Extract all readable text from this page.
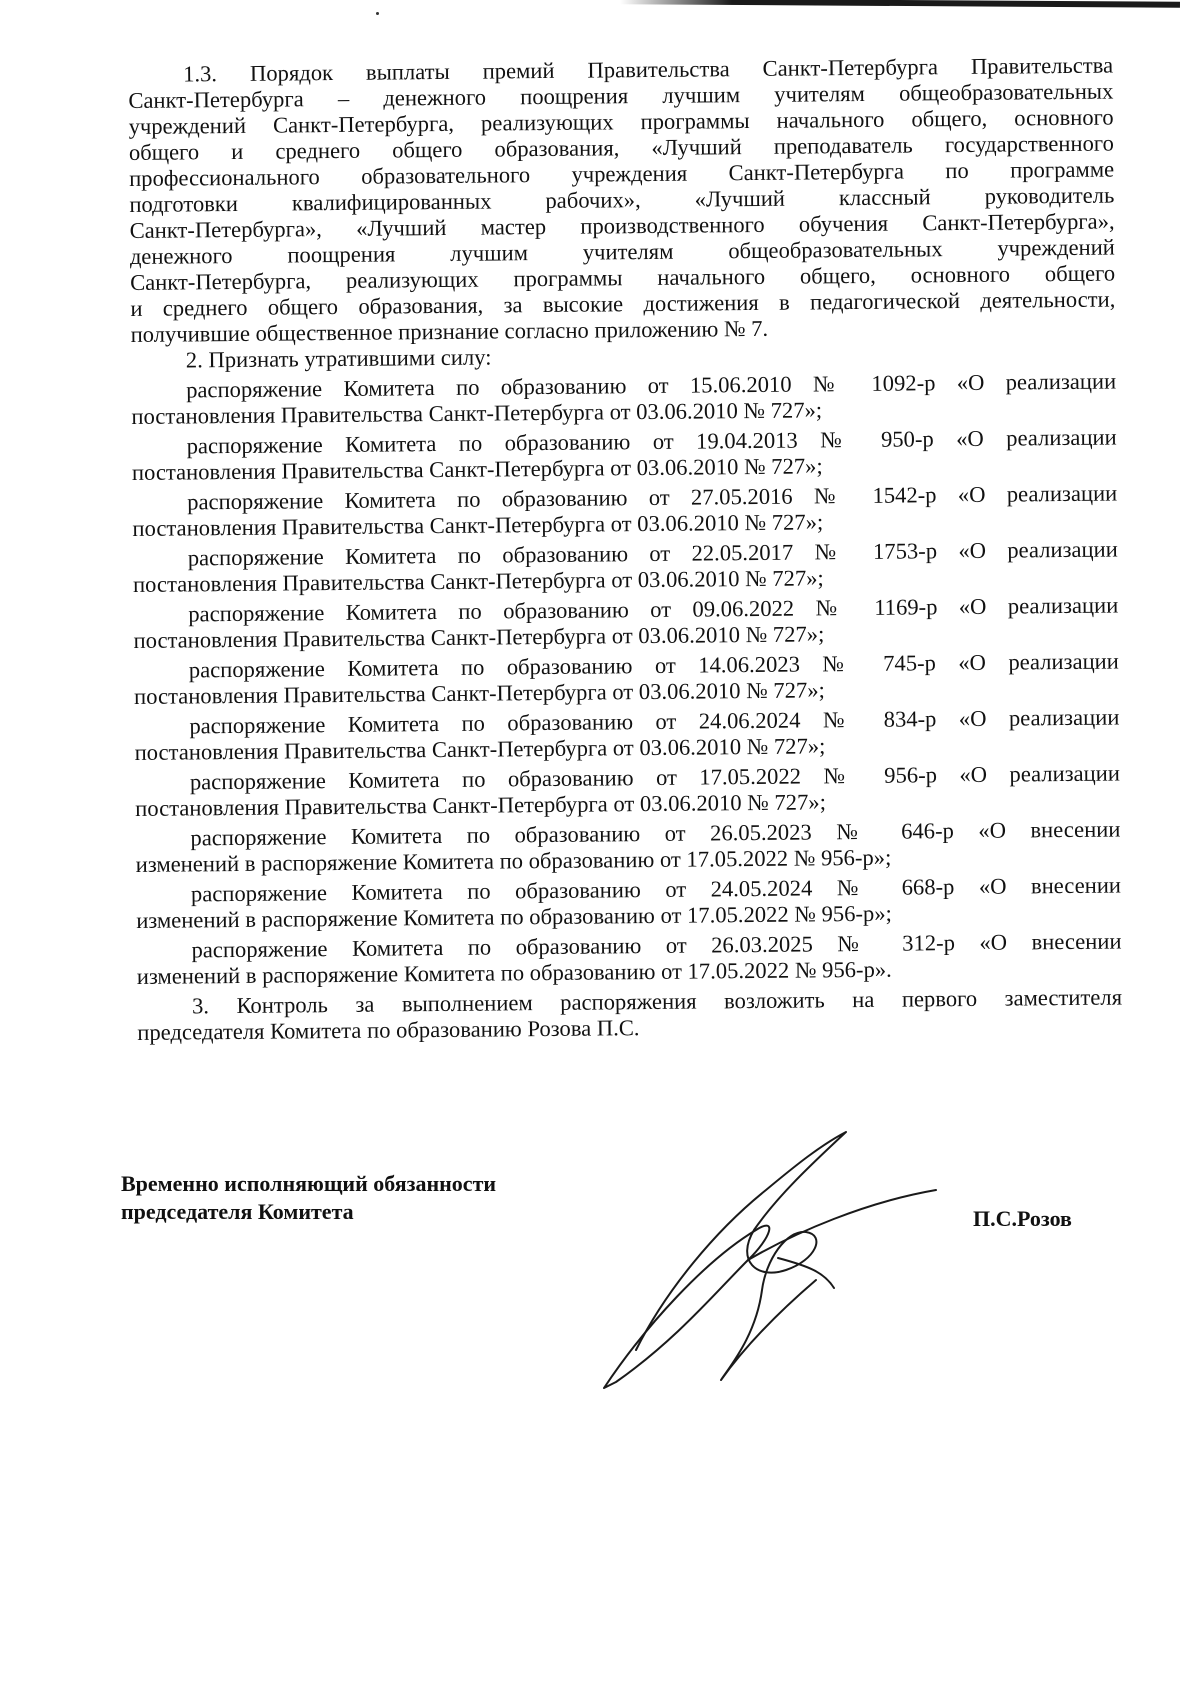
1.3. Порядок выплаты премий Правительства Санкт-Петербурга Правительства

Санкт-Петербурга – денежного поощрения лучшим учителям общеобразовательных

учреждений Санкт-Петербурга, реализующих программы начального общего, основного

общего и среднего общего образования, «Лучший преподаватель государственного

профессионального образовательного учреждения Санкт-Петербурга по программе

подготовки квалифицированных рабочих», «Лучший классный руководитель

Санкт-Петербурга», «Лучший мастер производственного обучения Санкт-Петербурга»,

денежного поощрения лучшим учителям общеобразовательных учреждений

Санкт-Петербурга, реализующих программы начального общего, основного общего

и среднего общего образования, за высокие достижения в педагогической деятельности,

получившие общественное признание согласно приложению № 7.

2. Признать утратившими силу:

распоряжение Комитета по образованию от 15.06.2010 № 1092-р «О реализации

постановления Правительства Санкт-Петербурга от 03.06.2010 № 727»;

распоряжение Комитета по образованию от 19.04.2013 № 950-р «О реализации

постановления Правительства Санкт-Петербурга от 03.06.2010 № 727»;

распоряжение Комитета по образованию от 27.05.2016 № 1542-р «О реализации

постановления Правительства Санкт-Петербурга от 03.06.2010 № 727»;

распоряжение Комитета по образованию от 22.05.2017 № 1753-р «О реализации

постановления Правительства Санкт-Петербурга от 03.06.2010 № 727»;

распоряжение Комитета по образованию от 09.06.2022 № 1169-р «О реализации

постановления Правительства Санкт-Петербурга от 03.06.2010 № 727»;

распоряжение Комитета по образованию от 14.06.2023 № 745-р «О реализации

постановления Правительства Санкт-Петербурга от 03.06.2010 № 727»;

распоряжение Комитета по образованию от 24.06.2024 № 834-р «О реализации

постановления Правительства Санкт-Петербурга от 03.06.2010 № 727»;

распоряжение Комитета по образованию от 17.05.2022 № 956-р «О реализации

постановления Правительства Санкт-Петербурга от 03.06.2010 № 727»;

распоряжение Комитета по образованию от 26.05.2023 № 646-р «О внесении

изменений в распоряжение Комитета по образованию от 17.05.2022 № 956-р»;

распоряжение Комитета по образованию от 24.05.2024 № 668-р «О внесении

изменений в распоряжение Комитета по образованию от 17.05.2022 № 956-р»;

распоряжение Комитета по образованию от 26.03.2025 № 312-р «О внесении

изменений в распоряжение Комитета по образованию от 17.05.2022 № 956-р».

3. Контроль за выполнением распоряжения возложить на первого заместителя

председателя Комитета по образованию Розова П.С.

Временно исполняющий обязанности
председателя Комитета	П.С.Розов
